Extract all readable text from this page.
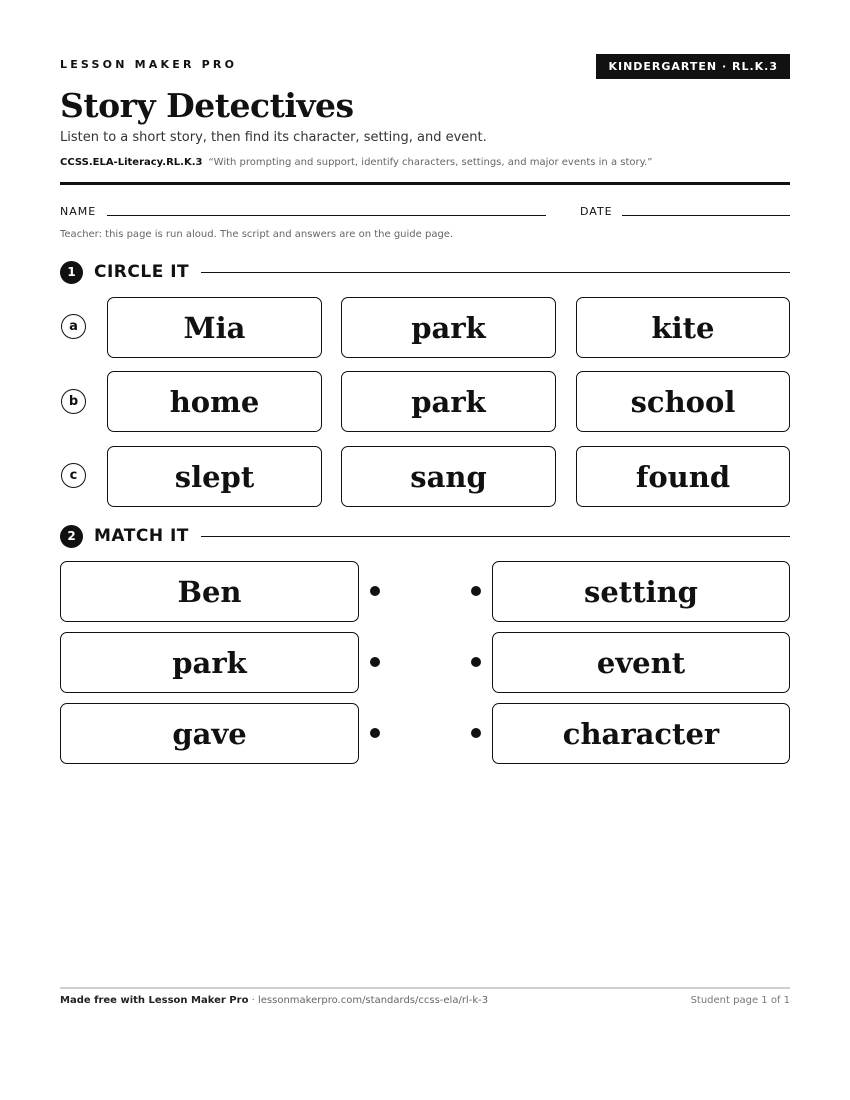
LESSON MAKER PRO	KINDERGARTEN · RL.K.3
Story Detectives
Listen to a short story, then find its character, setting, and event.
CCSS.ELA-Literacy.RL.K.3 “With prompting and support, identify characters, settings, and major events in a story.”
NAME	DATE
Teacher: this page is run aloud. The script and answers are on the guide page.
1	CIRCLE IT
a	Mia	park	kite
b	home	park	school
c	slept	sang	found
2	MATCH IT
Ben	setting
park	event
gave	character
Made free with Lesson Maker Pro · lessonmakerpro.com/standards/ccss-ela/rl-k-3	Student page 1 of 1
